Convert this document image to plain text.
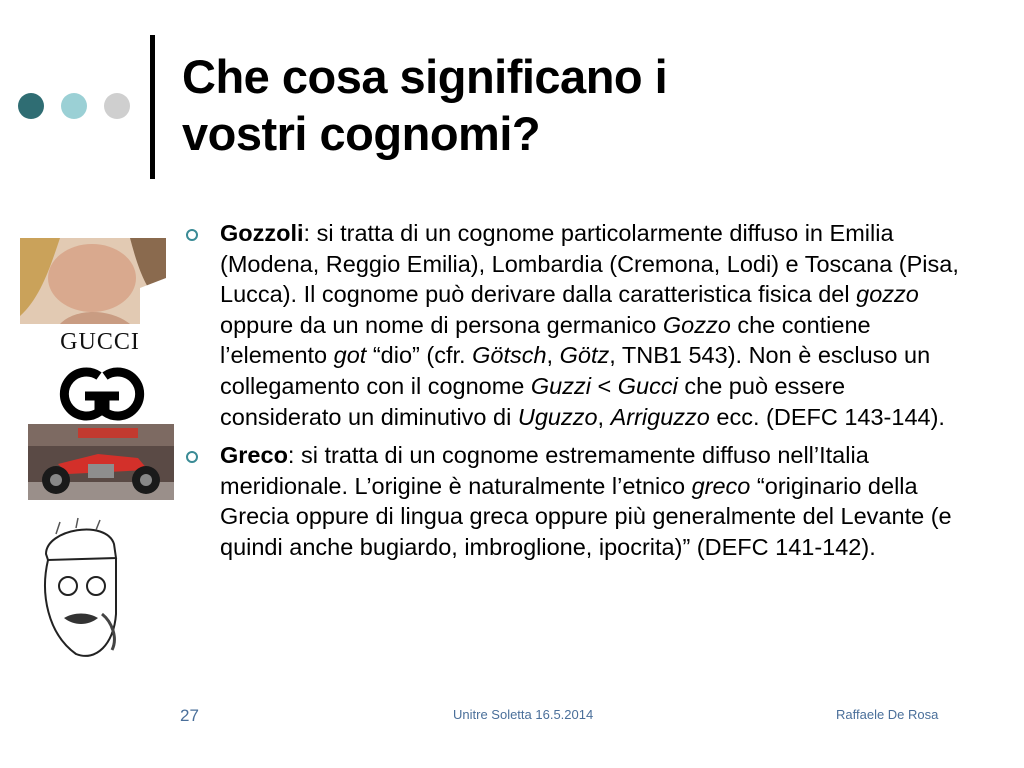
Che cosa significano i
vostri cognomi?
GUCCI
Gozzoli: si tratta di un cognome particolarmente diffuso in Emilia (Modena, Reggio Emilia), Lombardia (Cremona, Lodi) e Toscana (Pisa, Lucca). Il cognome può derivare dalla caratteristica fisica del gozzo oppure da un nome di persona germanico Gozzo che contiene l’elemento got “dio” (cfr. Götsch, Götz, TNB1 543). Non è escluso un collegamento con il cognome Guzzi < Gucci che può essere considerato un diminutivo di Uguzzo, Arriguzzo ecc. (DEFC 143-144).
Greco: si tratta di un cognome estremamente diffuso nell’Italia meridionale. L’origine è naturalmente l’etnico greco “originario della Grecia oppure di lingua greca oppure più generalmente del Levante (e quindi anche bugiardo, imbroglione, ipocrita)” (DEFC 141-142).
27	Unitre Soletta 16.5.2014	Raffaele De Rosa
